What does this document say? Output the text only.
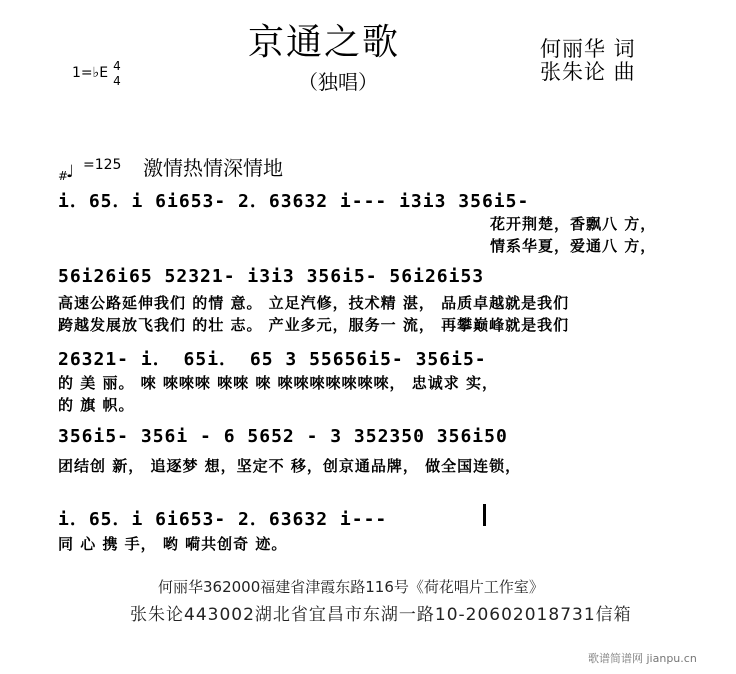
京通之歌
（独唱）
何丽华 词
张朱论 曲
1=♭E 4
4
#
♩ =125 激情热情深情地
i．65．i 6i653- 2．63632 i--- i3i3 356i5-
56i26i65 52321- i3i3 356i5- 56i26i53
26321- i． 65i． 65 3 55656i5- 356i5-
356i5- 356i - 6 5652 - 3 352350 356i50
i．65．i 6i653- 2．63632 i---
花开荆楚，香飘八 方，
情系华夏，爱通八 方，
高速公路延伸我们 的情 意。 立足汽修，技术精 湛， 品质卓越就是我们
跨越发展放飞我们 的壮 志。 产业多元，服务一 流， 再攀巅峰就是我们
的 美 丽。 唻 唻唻唻 唻唻 唻 唻唻唻唻唻唻唻， 忠诚求 实，
的 旗 帜。
团结创 新， 追逐梦 想，坚定不 移，创京通品牌， 做全国连锁，
同 心 携 手， 哟 嗬共创奇 迹。
何丽华362000福建省津霞东路116号《荷花唱片工作室》
张朱论443002湖北省宜昌市东湖一路10-20602018731信箱
歌谱简谱网 jianpu.cn
